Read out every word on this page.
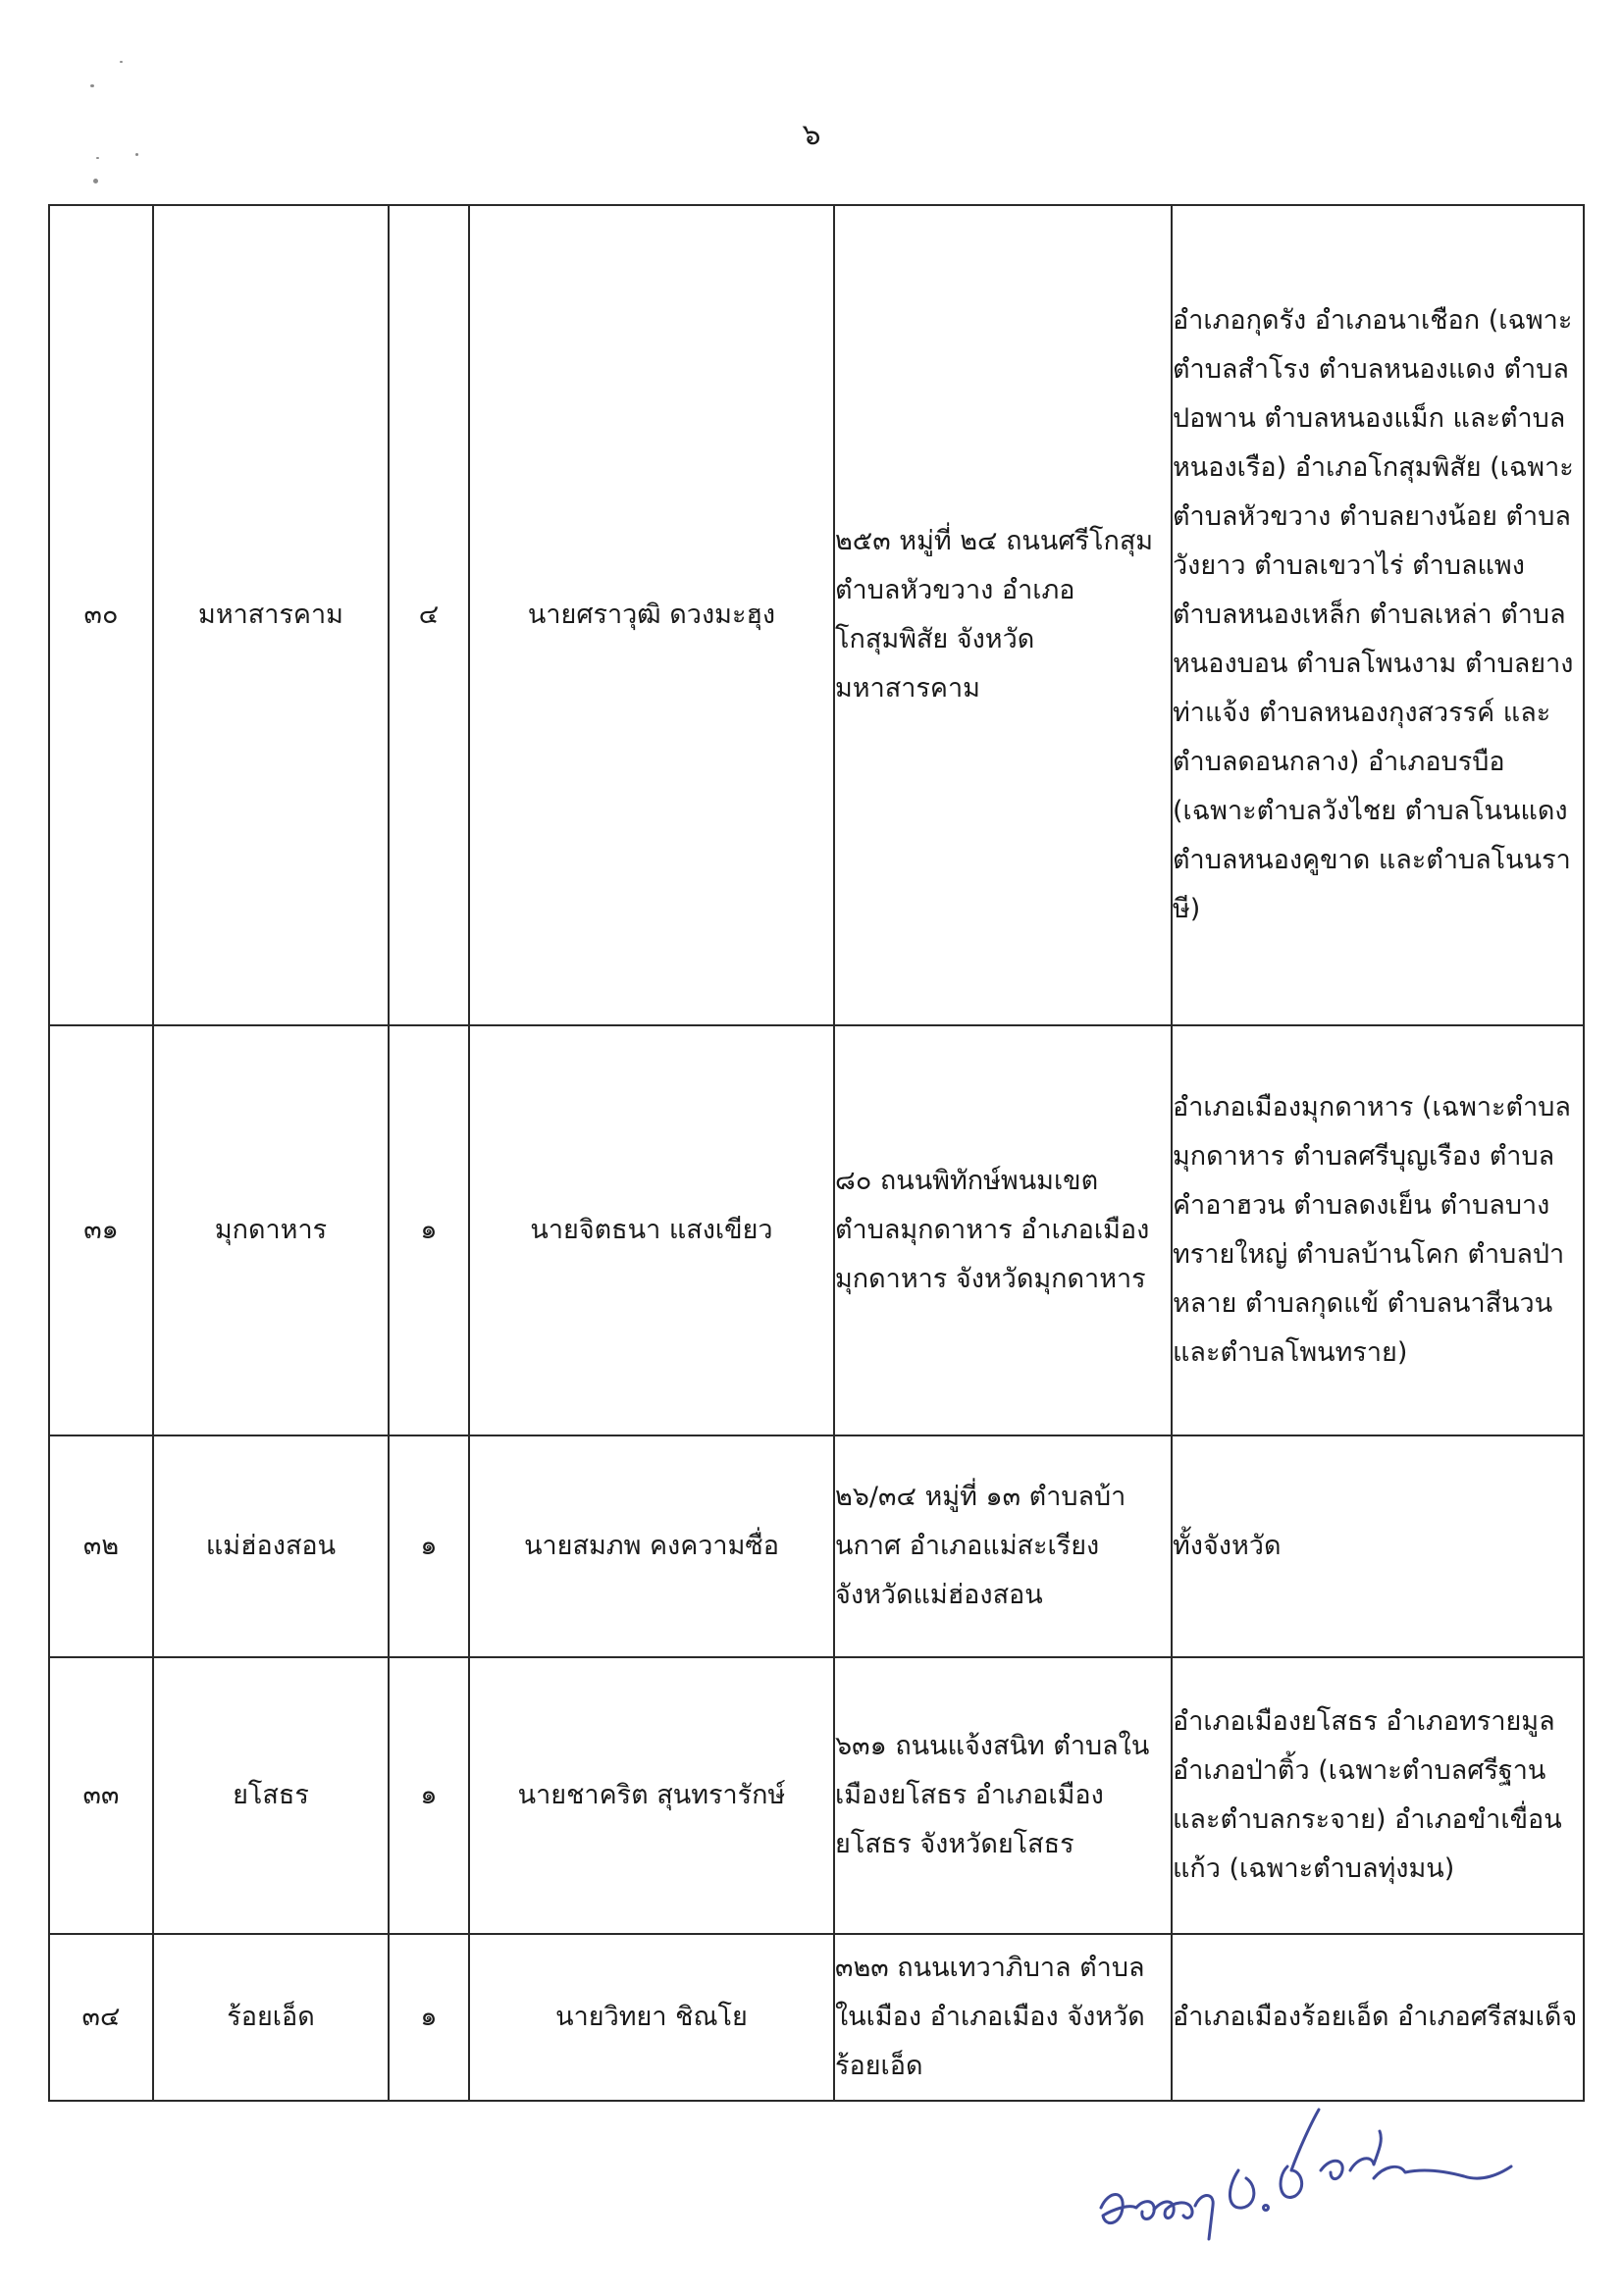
๖
๓๐	มหาสารคาม	๔	นายศราวุฒิ ดวงมะฮุง	๒๕๓ หมู่ที่ ๒๔ ถนนศรีโกสุม ตำบลหัวขวาง อำเภอโกสุมพิสัย จังหวัดมหาสารคาม	อำเภอกุดรัง อำเภอนาเชือก (เฉพาะตำบลสำโรง ตำบลหนองแดง ตำบลปอพาน ตำบลหนองแม็ก และตำบลหนองเรือ) อำเภอโกสุมพิสัย (เฉพาะตำบลหัวขวาง ตำบลยางน้อย ตำบลวังยาว ตำบลเขวาไร่ ตำบลแพง ตำบลหนองเหล็ก ตำบลเหล่า ตำบลหนองบอน ตำบลโพนงาม ตำบลยางท่าแจ้ง ตำบลหนองกุงสวรรค์ และตำบลดอนกลาง) อำเภอบรบือ (เฉพาะตำบลวังไชย ตำบลโนนแดง ตำบลหนองคูขาด และตำบลโนนราษี)

๓๑	มุกดาหาร	๑	นายจิตธนา แสงเขียว	๘๐ ถนนพิทักษ์พนมเขต ตำบลมุกดาหาร อำเภอเมืองมุกดาหาร จังหวัดมุกดาหาร	อำเภอเมืองมุกดาหาร (เฉพาะตำบลมุกดาหาร ตำบลศรีบุญเรือง ตำบลคำอาฮวน ตำบลดงเย็น ตำบลบางทรายใหญ่ ตำบลบ้านโคก ตำบลป่าหลาย ตำบลกุดแข้ ตำบลนาสีนวน และตำบลโพนทราย)

๓๒	แม่ฮ่องสอน	๑	นายสมภพ คงความซื่อ	๒๖/๓๔ หมู่ที่ ๑๓ ตำบลบ้านกาศ อำเภอแม่สะเรียง จังหวัดแม่ฮ่องสอน	ทั้งจังหวัด

๓๓	ยโสธร	๑	นายชาคริต สุนทรารักษ์	๖๓๑ ถนนแจ้งสนิท ตำบลในเมืองยโสธร อำเภอเมืองยโสธร จังหวัดยโสธร	อำเภอเมืองยโสธร อำเภอทรายมูล อำเภอป่าติ้ว (เฉพาะตำบลศรีฐาน และตำบลกระจาย) อำเภอขำเขื่อนแก้ว (เฉพาะตำบลทุ่งมน)

๓๔	ร้อยเอ็ด	๑	นายวิทยา ชิณโย	๓๒๓ ถนนเทวาภิบาล ตำบลในเมือง อำเภอเมือง จังหวัดร้อยเอ็ด	อำเภอเมืองร้อยเอ็ด อำเภอศรีสมเด็จ
